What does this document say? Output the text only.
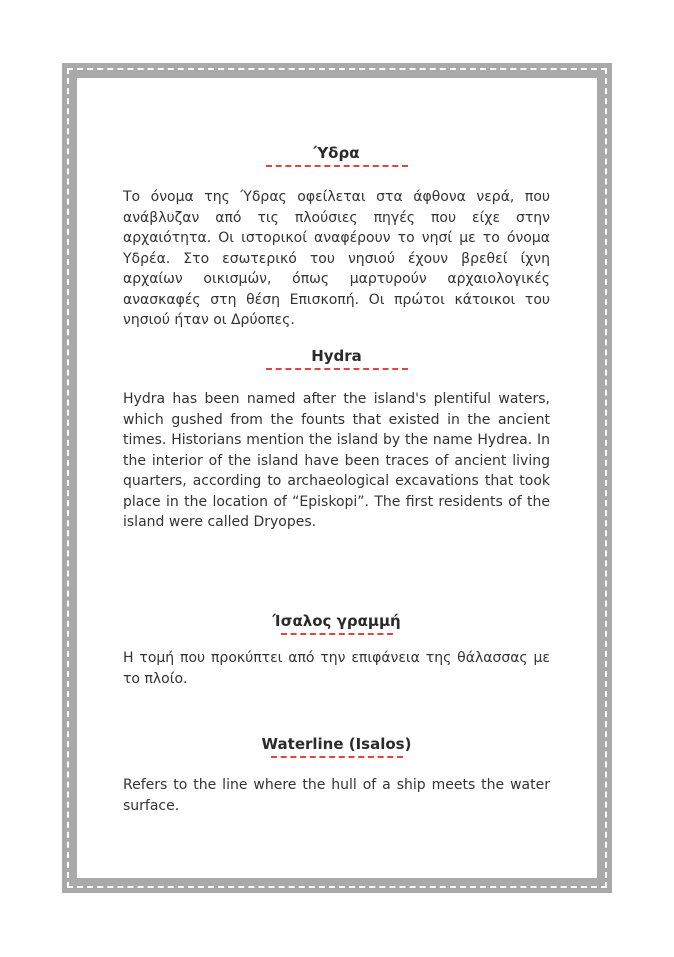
Ύδρα

Το όνομα της Ύδρας οφείλεται στα άφθονα νερά, που ανάβλυζαν από τις πλούσιες πηγές που είχε στην αρχαιότητα. Οι ιστορικοί αναφέρουν το νησί με το όνομα Υδρέα. Στο εσωτερικό του νησιού έχουν βρεθεί ίχνη αρχαίων οικισμών, όπως μαρτυρούν αρχαιολογικές ανασκαφές στη θέση Επισκοπή. Οι πρώτοι κάτοικοι του νησιού ήταν οι Δρύοπες.

Hydra

Hydra has been named after the island's plentiful waters, which gushed from the founts that existed in the ancient times. Historians mention the island by the name Hydrea. In the interior of the island have been traces of ancient living quarters, according to archaeological excavations that took place in the location of “Episkopi”. The first residents of the island were called Dryopes.

Ίσαλος γραμμή

Η τομή που προκύπτει από την επιφάνεια της θάλασσας με το πλοίο.

Waterline (Isalos)

Refers to the line where the hull of a ship meets the water surface.
